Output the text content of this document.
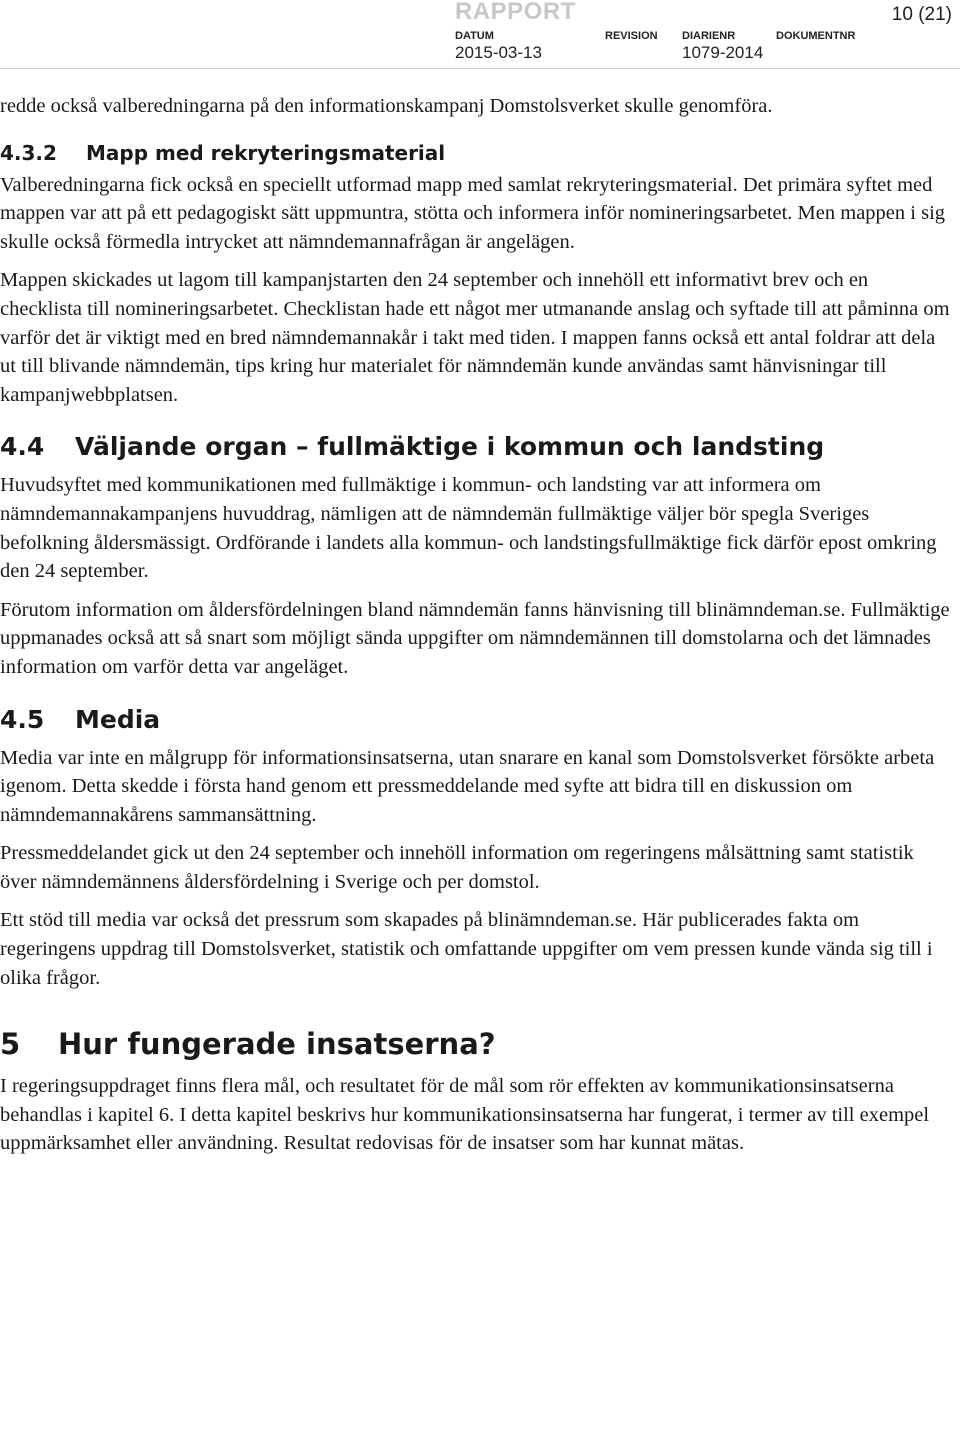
RAPPORT	10 (21)
DATUM	REVISION DIARIENR	DOKUMENTNR
2015-03-13	1079-2014

redde också valberedningarna på den informationskampanj Domstolsverket skulle genomföra.

4.3.2 Mapp med rekryteringsmaterial

Valberedningarna fick också en speciellt utformad mapp med samlat rekryteringsmaterial. Det primära syftet med mappen var att på ett pedagogiskt sätt uppmuntra, stötta och informera inför nomineringsarbetet. Men mappen i sig skulle också förmedla intrycket att nämndemannafrågan är angelägen.

Mappen skickades ut lagom till kampanjstarten den 24 september och innehöll ett informativt brev och en checklista till nomineringsarbetet. Checklistan hade ett något mer utmanande anslag och syftade till att påminna om varför det är viktigt med en bred nämndemannakår i takt med tiden. I mappen fanns också ett antal foldrar att dela ut till blivande nämndemän, tips kring hur materialet för nämndemän kunde användas samt hänvisningar till kampanjwebbplatsen.

4.4 Väljande organ – fullmäktige i kommun och landsting

Huvudsyftet med kommunikationen med fullmäktige i kommun- och landsting var att informera om nämndemannakampanjens huvuddrag, nämligen att de nämndemän fullmäktige väljer bör spegla Sveriges befolkning åldersmässigt. Ordförande i landets alla kommun- och landstingsfullmäktige fick därför epost omkring den 24 september.

Förutom information om åldersfördelningen bland nämndemän fanns hänvisning till blinämndeman.se. Fullmäktige uppmanades också att så snart som möjligt sända uppgifter om nämndemännen till domstolarna och det lämnades information om varför detta var angeläget.

4.5 Media

Media var inte en målgrupp för informationsinsatserna, utan snarare en kanal som Domstolsverket försökte arbeta igenom. Detta skedde i första hand genom ett pressmeddelande med syfte att bidra till en diskussion om nämndemannakårens sammansättning.

Pressmeddelandet gick ut den 24 september och innehöll information om regeringens målsättning samt statistik över nämndemännens åldersfördelning i Sverige och per domstol.

Ett stöd till media var också det pressrum som skapades på blinämndeman.se. Här publicerades fakta om regeringens uppdrag till Domstolsverket, statistik och omfattande uppgifter om vem pressen kunde vända sig till i olika frågor.

5 Hur fungerade insatserna?

I regeringsuppdraget finns flera mål, och resultatet för de mål som rör effekten av kommunikationsinsatserna behandlas i kapitel 6. I detta kapitel beskrivs hur kommunikationsinsatserna har fungerat, i termer av till exempel uppmärksamhet eller användning. Resultat redovisas för de insatser som har kunnat mätas.
